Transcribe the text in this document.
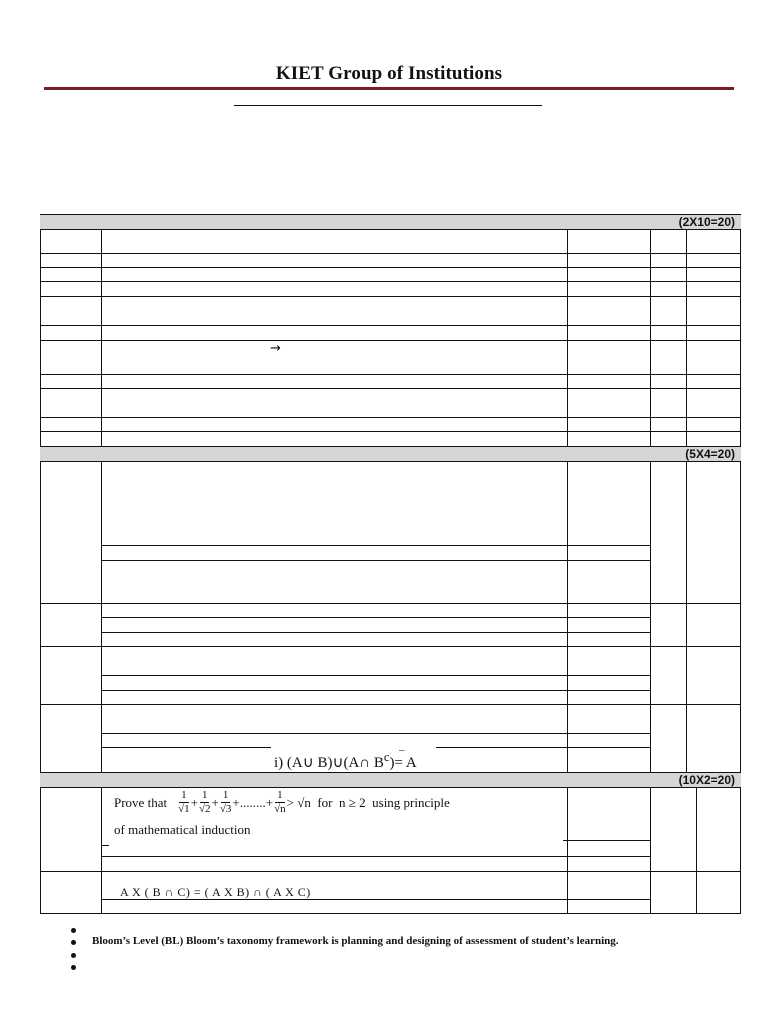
KIET Group of Institutions
(2X10=20)
→
(5X4=20)
i) (A∪ B)∪(A∩ $B^c)= A$
–
(10X2=20)
Prove that $\frac{1}{√1} + \frac{1}{√2} + \frac{1}{√3}$ +........+ $\frac{1}{√n} > √n$  for  n ≥ 2  using principle
of mathematical induction
A X ( B ∩ C) = ( A X B) ∩ ( A X C)
Bloom’s Level (BL) Bloom’s taxonomy framework is planning and designing of assessment of student’s learning.
